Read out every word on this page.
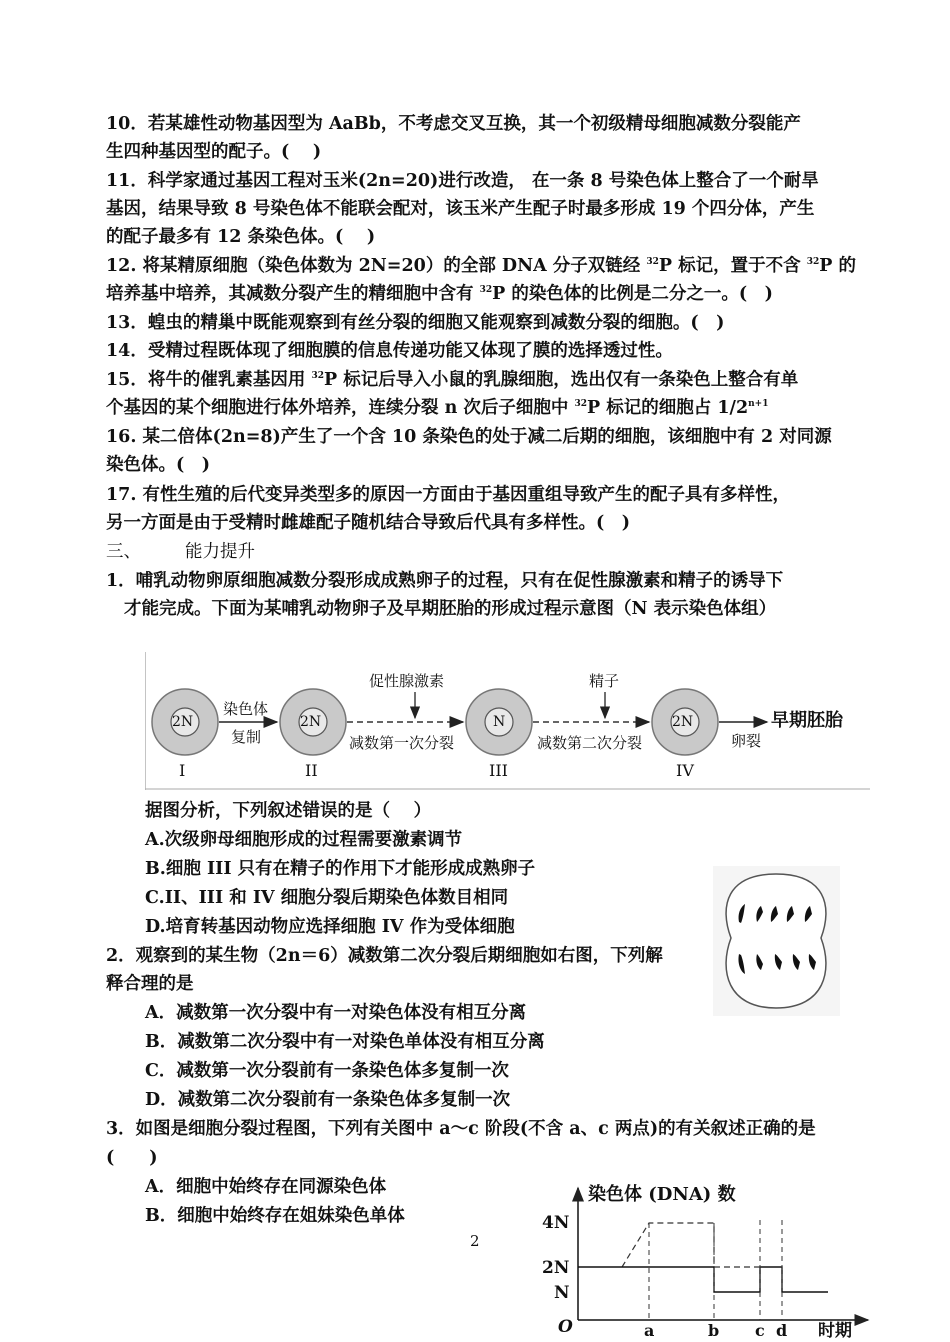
10．若某雄性动物基因型为 AaBb，不考虑交叉互换，其一个初级精母细胞减数分裂能产
生四种基因型的配子。(　 )
11．科学家通过基因工程对玉米(2n=20)进行改造， 在一条 8 号染色体上整合了一个耐旱
基因，结果导致 8 号染色体不能联会配对，该玉米产生配子时最多形成 19 个四分体，产生
的配子最多有 12 条染色体。(　 )
12. 将某精原细胞（染色体数为 2N=20）的全部 DNA 分子双链经 $^{32}$P 标记，置于不含 $^{32}$P 的
培养基中培养，其减数分裂产生的精细胞中含有 $^{32}$P 的染色体的比例是二分之一。(　)
13．蝗虫的精巢中既能观察到有丝分裂的细胞又能观察到减数分裂的细胞。(　)
14．受精过程既体现了细胞膜的信息传递功能又体现了膜的选择透过性。
15．将牛的催乳素基因用 $^{32}$P 标记后导入小鼠的乳腺细胞，选出仅有一条染色上整合有单
个基因的某个细胞进行体外培养，连续分裂 n 次后子细胞中 $^{32}$P 标记的细胞占 $1/2^{n+1}$
16. 某二倍体(2n=8)产生了一个含 10 条染色的处于减二后期的细胞，该细胞中有 2 对同源
染色体。(　)
17. 有性生殖的后代变异类型多的原因一方面由于基因重组导致产生的配子具有多样性，
另一方面是由于受精时雌雄配子随机结合导致后代具有多样性。(　)
三、	能力提升
1．哺乳动物卵原细胞减数分裂形成成熟卵子的过程，只有在促性腺激素和精子的诱导下
才能完成。下面为某哺乳动物卵子及早期胚胎的形成过程示意图（N 表示染色体组）
2N	2N	N	2N
I	II	III	IV
染色体
复制
促性腺激素
减数第一次分裂
精子
减数第二次分裂	卵裂
早期胚胎
据图分析，下列叙述错误的是（　 ）
A.次级卵母细胞形成的过程需要激素调节
B.细胞 III 只有在精子的作用下才能形成成熟卵子
C.II、III 和 IV 细胞分裂后期染色体数目相同
D.培育转基因动物应选择细胞 IV 作为受体细胞
2．观察到的某生物（2n＝6）减数第二次分裂后期细胞如右图，下列解
释合理的是
A．减数第一次分裂中有一对染色体没有相互分离
B．减数第二次分裂中有一对染色单体没有相互分离
C．减数第一次分裂前有一条染色体多复制一次
D．减数第二次分裂前有一条染色体多复制一次
3．如图是细胞分裂过程图，下列有关图中 a～c 阶段(不含 a、c 两点)的有关叙述正确的是
(　　)
A．细胞中始终存在同源染色体
B．细胞中始终存在姐妹染色单体
染色体 (DNA) 数
4N
2N
N
O	a	b c d 时期
2
